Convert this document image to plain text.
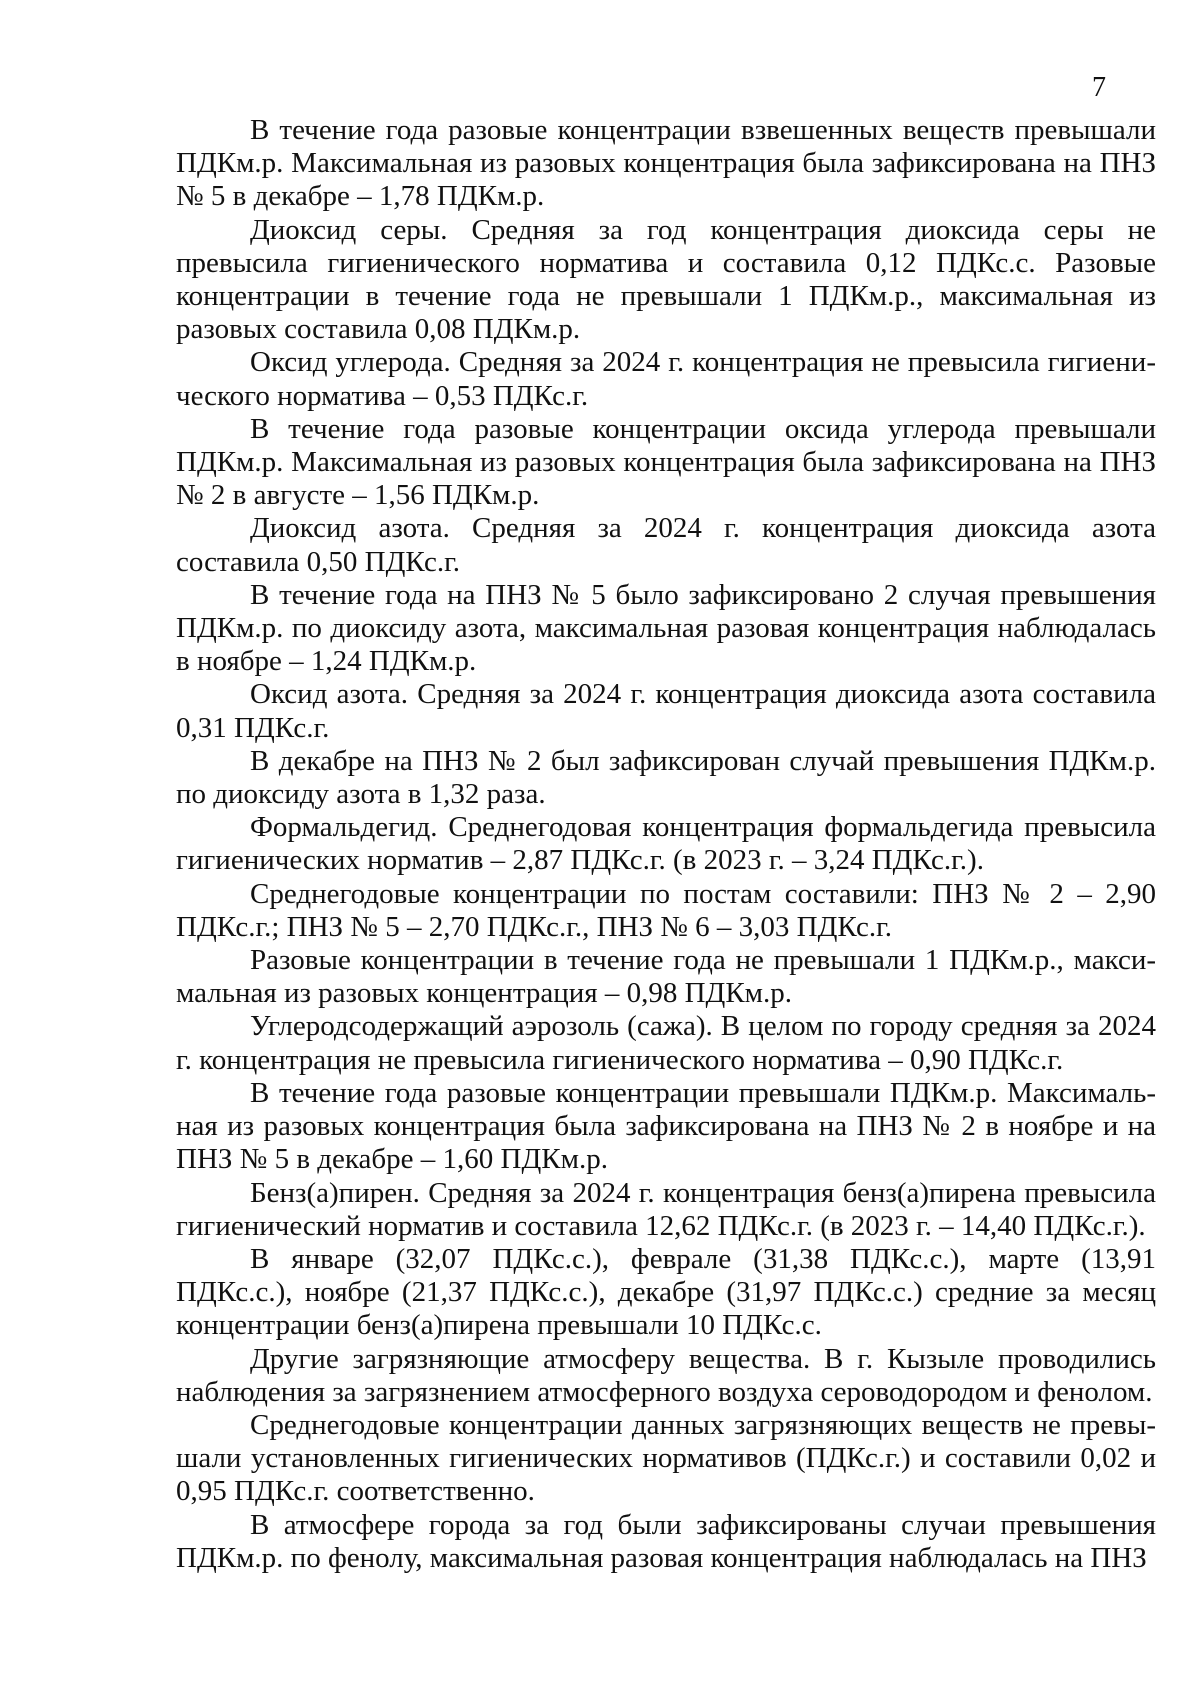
7

В течение года разовые концентрации взвешенных веществ превышали ПДКм.р. Максимальная из разовых концентрация была зафиксирована на ПНЗ № 5 в декабре – 1,78 ПДКм.р.

Диоксид серы. Средняя за год концентрация диоксида серы не превысила гигиенического норматива и составила 0,12 ПДКс.с. Разовые концентрации в течение года не превышали 1 ПДКм.р., максимальная из разовых составила 0,08 ПДКм.р.

Оксид углерода. Средняя за 2024 г. концентрация не превысила гигиени-ческого норматива – 0,53 ПДКс.г.

В течение года разовые концентрации оксида углерода превышали ПДКм.р. Максимальная из разовых концентрация была зафиксирована на ПНЗ № 2 в августе – 1,56 ПДКм.р.

Диоксид азота. Средняя за 2024 г. концентрация диоксида азота составила 0,50 ПДКс.г.

В течение года на ПНЗ № 5 было зафиксировано 2 случая превышения ПДКм.р. по диоксиду азота, максимальная разовая концентрация наблюдалась в ноябре – 1,24 ПДКм.р.

Оксид азота. Средняя за 2024 г. концентрация диоксида азота составила 0,31 ПДКс.г.

В декабре на ПНЗ № 2 был зафиксирован случай превышения ПДКм.р. по диоксиду азота в 1,32 раза.

Формальдегид. Среднегодовая концентрация формальдегида превысила гигиенических норматив – 2,87 ПДКс.г. (в 2023 г. – 3,24 ПДКс.г.).

Среднегодовые концентрации по постам составили: ПНЗ № 2 – 2,90 ПДКс.г.; ПНЗ № 5 – 2,70 ПДКс.г., ПНЗ № 6 – 3,03 ПДКс.г.

Разовые концентрации в течение года не превышали 1 ПДКм.р., макси-мальная из разовых концентрация – 0,98 ПДКм.р.

Углеродсодержащий аэрозоль (сажа). В целом по городу средняя за 2024 г. концентрация не превысила гигиенического норматива – 0,90 ПДКс.г.

В течение года разовые концентрации превышали ПДКм.р. Максималь-ная из разовых концентрация была зафиксирована на ПНЗ № 2 в ноябре и на ПНЗ № 5 в декабре – 1,60 ПДКм.р.

Бенз(а)пирен. Средняя за 2024 г. концентрация бенз(а)пирена превысила гигиенический норматив и составила 12,62 ПДКс.г. (в 2023 г. – 14,40 ПДКс.г.).

В январе (32,07 ПДКс.с.), феврале (31,38 ПДКс.с.), марте (13,91 ПДКс.с.), ноябре (21,37 ПДКс.с.), декабре (31,97 ПДКс.с.) средние за месяц концентрации бенз(а)пирена превышали 10 ПДКс.с.

Другие загрязняющие атмосферу вещества. В г. Кызыле проводились наблюдения за загрязнением атмосферного воздуха сероводородом и фенолом.

Среднегодовые концентрации данных загрязняющих веществ не превы-шали установленных гигиенических нормативов (ПДКс.г.) и составили 0,02 и 0,95 ПДКс.г. соответственно.

В атмосфере города за год были зафиксированы случаи превышения ПДКм.р. по фенолу, максимальная разовая концентрация наблюдалась на ПНЗ
